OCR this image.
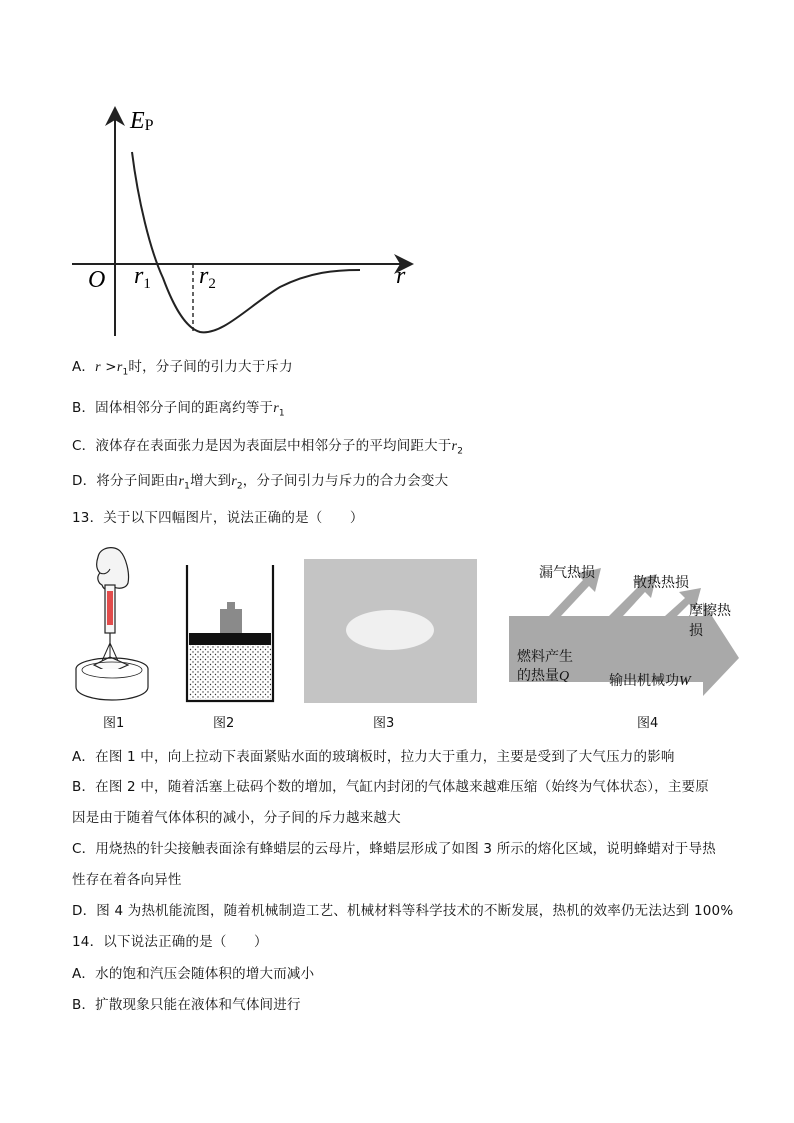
EP
O	r
$r_1$ $r_2$
A．$r >r_1$时，分子间的引力大于斥力
B．固体相邻分子间的距离约等于$r_1$
C．液体存在表面张力是因为表面层中相邻分子的平均间距大于$r_2$
D．将分子间距由$r_1$增大到$r_2$，分子间引力与斥力的合力会变大
13．关于以下四幅图片，说法正确的是（　　）
图1	图2	图3
漏气热损
散热热损
摩擦热损
燃料产生
的热量Q	输出机械功W
图4
A．在图 1 中，向上拉动下表面紧贴水面的玻璃板时，拉力大于重力，主要是受到了大气压力的影响
B．在图 2 中，随着活塞上砝码个数的增加，气缸内封闭的气体越来越难压缩（始终为气体状态），主要原
因是由于随着气体体积的减小，分子间的斥力越来越大
C．用烧热的针尖接触表面涂有蜂蜡层的云母片，蜂蜡层形成了如图 3 所示的熔化区域，说明蜂蜡对于导热
性存在着各向异性
D．图 4 为热机能流图，随着机械制造工艺、机械材料等科学技术的不断发展，热机的效率仍无法达到 100%
14．以下说法正确的是（　　）
A．水的饱和汽压会随体积的增大而减小
B．扩散现象只能在液体和气体间进行
